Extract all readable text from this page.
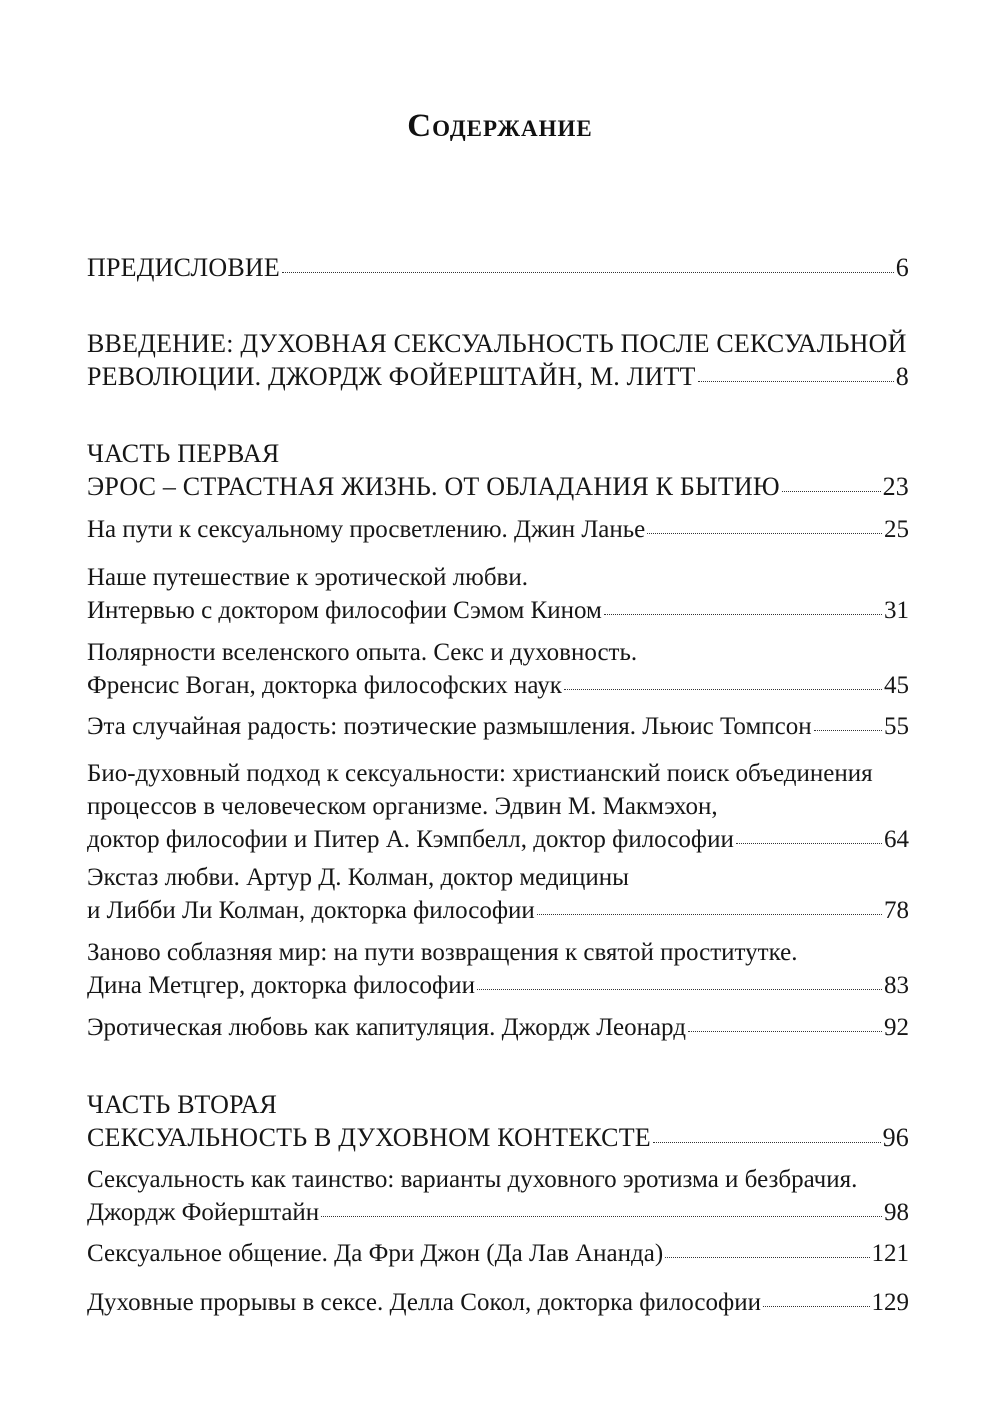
Содержание
ПРЕДИСЛОВИЕ	6
ВВЕДЕНИЕ: ДУХОВНАЯ СЕКСУАЛЬНОСТЬ ПОСЛЕ СЕКСУАЛЬНОЙ
РЕВОЛЮЦИИ. ДЖОРДЖ ФОЙЕРШТАЙН, М. ЛИТТ	8
ЧАСТЬ ПЕРВАЯ
ЭРОС – СТРАСТНАЯ ЖИЗНЬ. ОТ ОБЛАДАНИЯ К БЫТИЮ	23
На пути к сексуальному просветлению. Джин Ланье	25
Наше путешествие к эротической любви.
Интервью с доктором философии Сэмом Кином	31
Полярности вселенского опыта. Секс и духовность.
Френсис Воган, докторка философских наук	45
Эта случайная радость: поэтические размышления. Льюис Томпсон	55
Био-духовный подход к сексуальности: христианский поиск объединения
процессов в человеческом организме. Эдвин М. Макмэхон,
доктор философии и Питер А. Кэмпбелл, доктор философии	64
Экстаз любви. Артур Д. Колман, доктор медицины
и Либби Ли Колман, докторка философии	78
Заново соблазняя мир: на пути возвращения к святой проститутке.
Дина Метцгер, докторка философии	83
Эротическая любовь как капитуляция. Джордж Леонард	92
ЧАСТЬ ВТОРАЯ
СЕКСУАЛЬНОСТЬ В ДУХОВНОМ КОНТЕКСТЕ	96
Сексуальность как таинство: варианты духовного эротизма и безбрачия.
Джордж Фойерштайн	98
Сексуальное общение. Да Фри Джон (Да Лав Ананда)	121
Духовные прорывы в сексе. Делла Сокол, докторка философии	129
